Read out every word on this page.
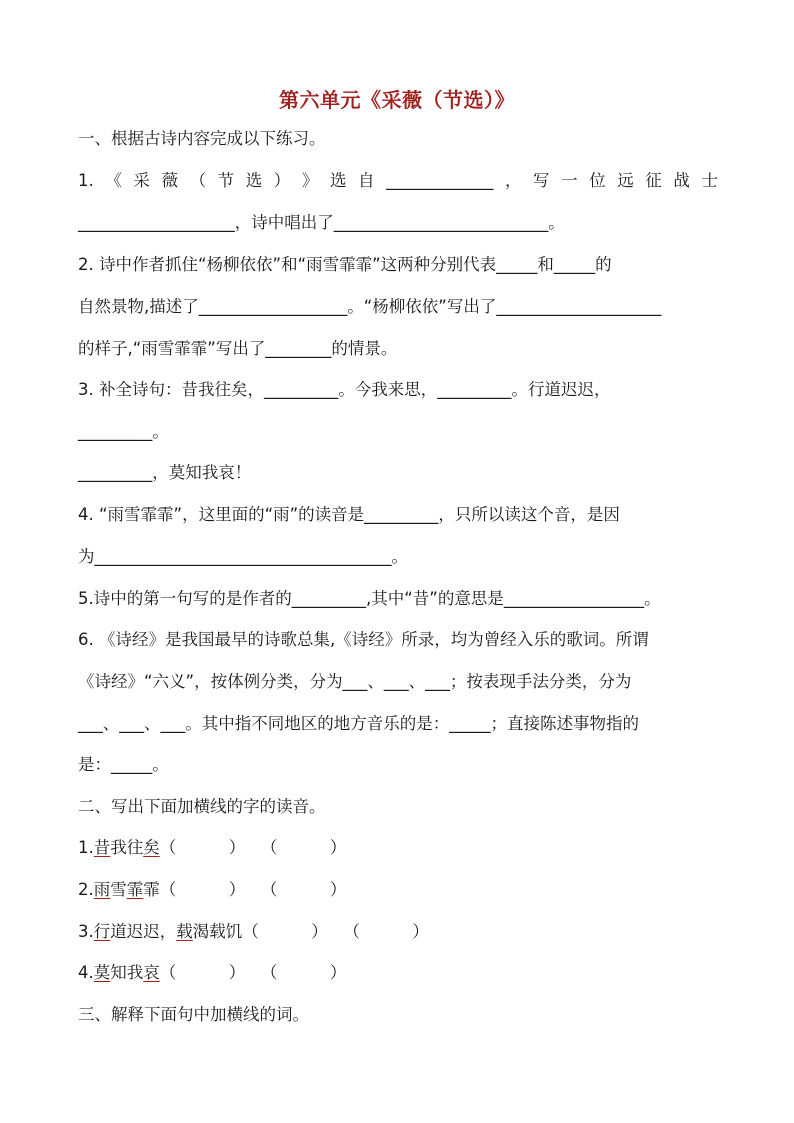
第六单元《采薇（节选）》
一、根据古诗内容完成以下练习。
1. 《 采 薇 （ 节 选 ） 》 选 自 _____________ ， 写 一 位 远 征 战 士
___________________，诗中唱出了__________________________。
2. 诗中作者抓住“杨柳依依”和“雨雪霏霏”这两种分别代表_____和_____的
自然景物,描述了__________________。“杨柳依依”写出了____________________
的样子,“雨雪霏霏”写出了________的情景。
3. 补全诗句：昔我往矣，_________。今我来思，_________。行道迟迟，
_________。
_________，莫知我哀！
4. “雨雪霏霏”，这里面的“雨”的读音是_________，只所以读这个音，是因
为____________________________________。
5.诗中的第一句写的是作者的_________,其中“昔”的意思是_________________。
6. 《诗经》是我国最早的诗歌总集,《诗经》所录，均为曾经入乐的歌词。所谓
《诗经》“六义”，按体例分类，分为___、___、___；按表现手法分类，分为
___、___、___。其中指不同地区的地方音乐的是：_____；直接陈述事物指的
是：_____。
二、写出下面加横线的字的读音。
1.昔我往矣（          ）   （          ）
2.雨雪霏霏（          ）   （          ）
3.行道迟迟，载渴载饥（          ）   （          ）
4.莫知我哀（          ）   （          ）
三、解释下面句中加横线的词。
